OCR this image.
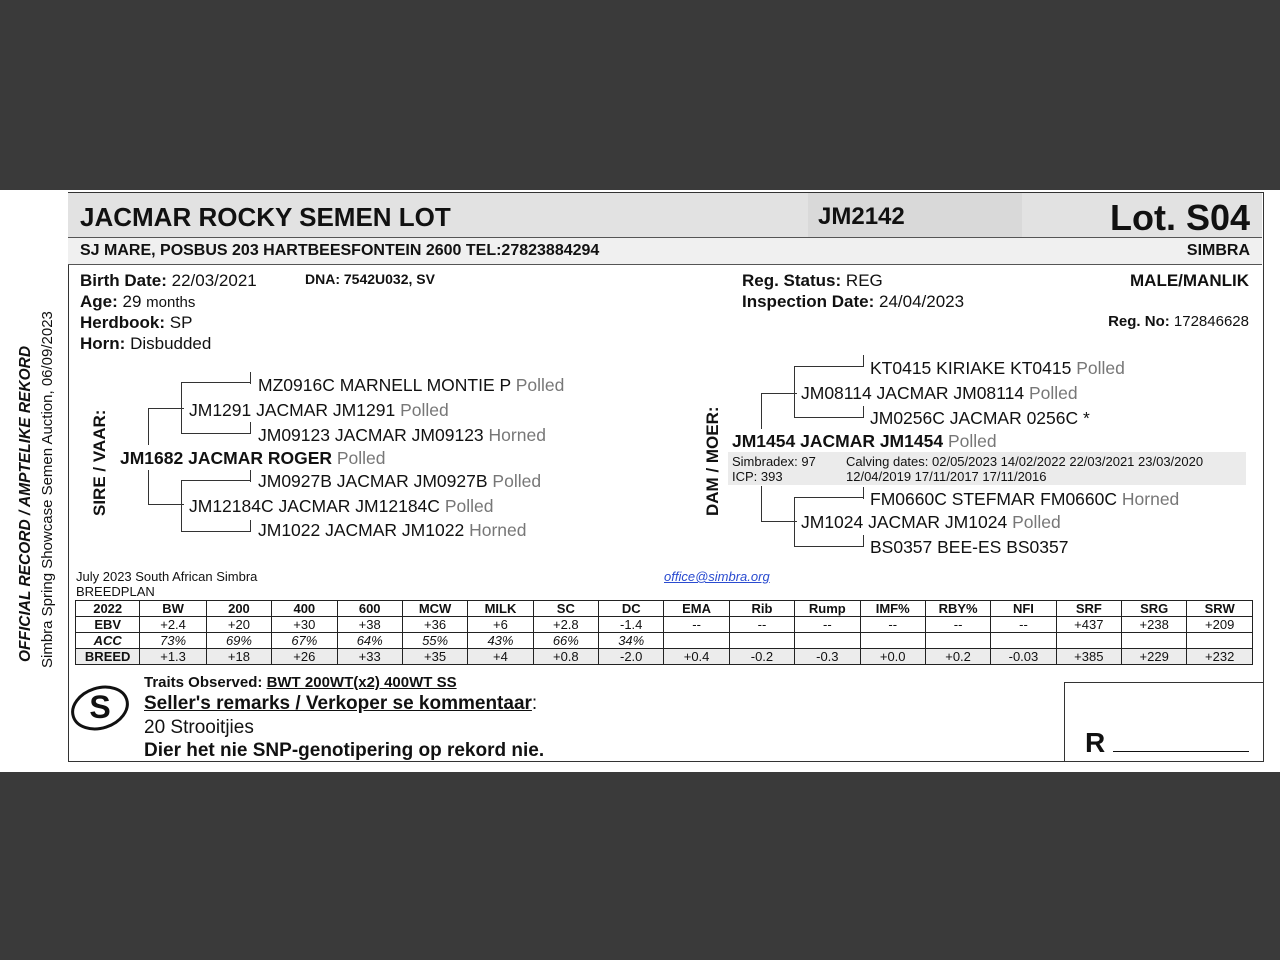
OFFICIAL RECORD / AMPTELIKE REKORD Simbra Spring Showcase Semen Auction, 06/09/2023
JACMAR ROCKY SEMEN LOT	JM2142	Lot. S04
SJ MARE, POSBUS 203 HARTBEESFONTEIN 2600 TEL:27823884294	SIMBRA
Birth Date: 22/03/2021	DNA: 7542U032, SV
Age: 29 months
Herdbook: SP
Horn: Disbudded
Reg. Status: REG
Inspection Date: 24/04/2023
MALE/MANLIK
Reg. No: 172846628
SIRE / VAAR:
MZ0916C MARNELL MONTIE P Polled
JM1291 JACMAR JM1291 Polled
JM09123 JACMAR JM09123 Horned
JM1682 JACMAR ROGER Polled
JM0927B JACMAR JM0927B Polled
JM12184C JACMAR JM12184C Polled
JM1022 JACMAR JM1022 Horned
DAM / MOER:
KT0415 KIRIAKE KT0415 Polled
JM08114 JACMAR JM08114 Polled
JM0256C JACMAR 0256C *
JM1454 JACMAR JM1454 Polled
Simbradex: 97
ICP: 393
Calving dates: 02/05/2023 14/02/2022 22/03/2021 23/03/2020
12/04/2019 17/11/2017 17/11/2016
FM0660C STEFMAR FM0660C Horned
JM1024 JACMAR JM1024 Polled
BS0357 BEE-ES BS0357
July 2023 South African Simbra
BREEDPLAN
office@simbra.org
2022	BW	200	400	600	MCW	MILK	SC	DC	EMA	Rib	Rump	IMF%	RBY%	NFI	SRF	SRG	SRW
EBV	+2.4	+20	+30	+38	+36	+6	+2.8	-1.4	--	--	--	--	--	--	+437	+238	+209
ACC	73%	69%	67%	64%	55%	43%	66%	34%									
BREED	+1.3	+18	+26	+33	+35	+4	+0.8	-2.0	+0.4	-0.2	-0.3	+0.0	+0.2	-0.03	+385	+229	+232
S
Traits Observed: BWT 200WT(x2) 400WT SS
Seller's remarks / Verkoper se kommentaar:
20 Strooitjies
Dier het nie SNP-genotipering op rekord nie.	R
